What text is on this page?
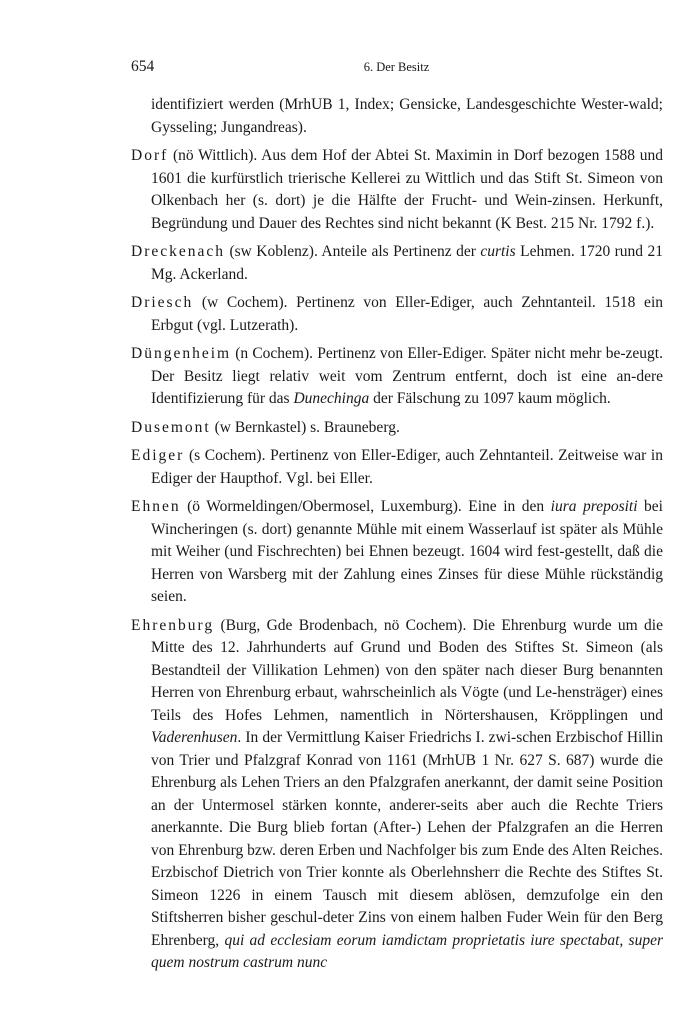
654	6. Der Besitz

identifiziert werden (MrhUB 1, Index; Gensicke, Landesgeschichte Wester-wald; Gysseling; Jungandreas).

Dorf (nö Wittlich). Aus dem Hof der Abtei St. Maximin in Dorf bezogen 1588 und 1601 die kurfürstlich trierische Kellerei zu Wittlich und das Stift St. Simeon von Olkenbach her (s. dort) je die Hälfte der Frucht- und Wein-zinsen. Herkunft, Begründung und Dauer des Rechtes sind nicht bekannt (K Best. 215 Nr. 1792 f.).

Dreckenach (sw Koblenz). Anteile als Pertinenz der curtis Lehmen. 1720 rund 21 Mg. Ackerland.

Driesch (w Cochem). Pertinenz von Eller-Ediger, auch Zehntanteil. 1518 ein Erbgut (vgl. Lutzerath).

Düngenheim (n Cochem). Pertinenz von Eller-Ediger. Später nicht mehr be-zeugt. Der Besitz liegt relativ weit vom Zentrum entfernt, doch ist eine an-dere Identifizierung für das Dunechinga der Fälschung zu 1097 kaum möglich.

Dusemont (w Bernkastel) s. Brauneberg.

Ediger (s Cochem). Pertinenz von Eller-Ediger, auch Zehntanteil. Zeitweise war in Ediger der Haupthof. Vgl. bei Eller.

Ehnen (ö Wormeldingen/Obermosel, Luxemburg). Eine in den iura prepositi bei Wincheringen (s. dort) genannte Mühle mit einem Wasserlauf ist später als Mühle mit Weiher (und Fischrechten) bei Ehnen bezeugt. 1604 wird fest-gestellt, daß die Herren von Warsberg mit der Zahlung eines Zinses für diese Mühle rückständig seien.

Ehrenburg (Burg, Gde Brodenbach, nö Cochem). Die Ehrenburg wurde um die Mitte des 12. Jahrhunderts auf Grund und Boden des Stiftes St. Simeon (als Bestandteil der Villikation Lehmen) von den später nach dieser Burg benannten Herren von Ehrenburg erbaut, wahrscheinlich als Vögte (und Le-hensträger) eines Teils des Hofes Lehmen, namentlich in Nörtershausen, Kröpplingen und Vaderenhusen. In der Vermittlung Kaiser Friedrichs I. zwi-schen Erzbischof Hillin von Trier und Pfalzgraf Konrad von 1161 (MrhUB 1 Nr. 627 S. 687) wurde die Ehrenburg als Lehen Triers an den Pfalzgrafen anerkannt, der damit seine Position an der Untermosel stärken konnte, anderer-seits aber auch die Rechte Triers anerkannte. Die Burg blieb fortan (After-) Lehen der Pfalzgrafen an die Herren von Ehrenburg bzw. deren Erben und Nachfolger bis zum Ende des Alten Reiches. Erzbischof Dietrich von Trier konnte als Oberlehnsherr die Rechte des Stiftes St. Simeon 1226 in einem Tausch mit diesem ablösen, demzufolge ein den Stiftsherren bisher geschul-deter Zins von einem halben Fuder Wein für den Berg Ehrenberg, qui ad ecclesiam eorum iamdictam proprietatis iure spectabat, super quem nostrum castrum nunc
